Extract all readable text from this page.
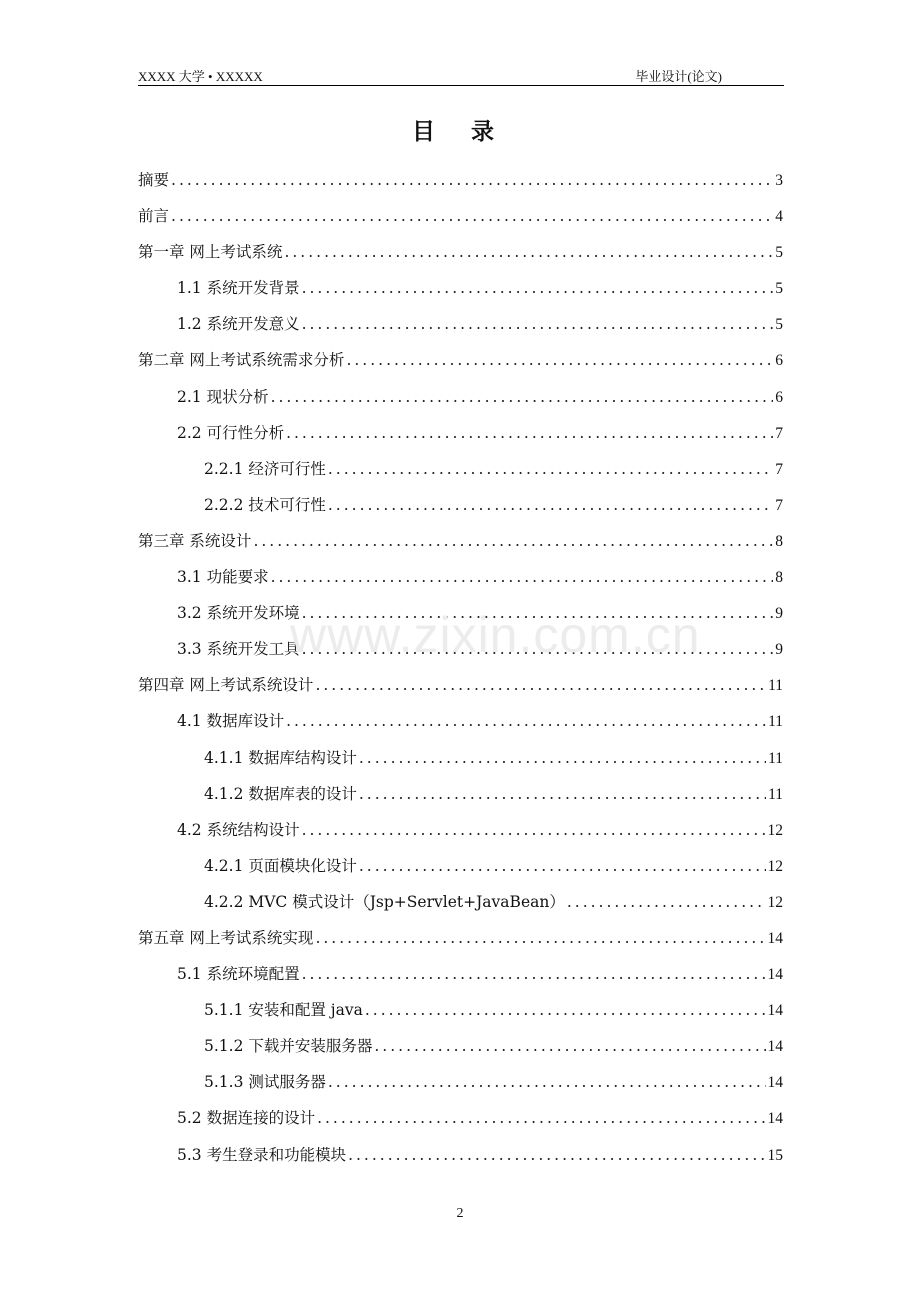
XXXX 大学 • XXXXX	毕业设计(论文)
目 录
摘要 .....	3
前言 .....	4
第一章 网上考试系统 .....	5
1.1 系统开发背景 .....	5
1.2 系统开发意义 .....	5
第二章 网上考试系统需求分析 .....	6
2.1 现状分析 .....	6
2.2 可行性分析 .....	7
2.2.1 经济可行性 .....	7
2.2.2 技术可行性 .....	7
第三章 系统设计 .....	8
3.1 功能要求 .....	8
3.2 系统开发环境 .....	9
3.3 系统开发工具 .....	9
第四章 网上考试系统设计 .....	11
4.1 数据库设计 .....	11
4.1.1 数据库结构设计 .....	11
4.1.2 数据库表的设计 .....	11
4.2 系统结构设计 .....	12
4.2.1 页面模块化设计 .....	12
4.2.2 MVC 模式设计（Jsp+Servlet+JavaBean） .....	12
第五章 网上考试系统实现 .....	14
5.1 系统环境配置 .....	14
5.1.1 安装和配置 java .....	14
5.1.2 下载并安装服务器 .....	14
5.1.3 测试服务器 .....	14
5.2 数据连接的设计 .....	14
5.3 考生登录和功能模块 .....	15
www.zixin.com.cn
2
